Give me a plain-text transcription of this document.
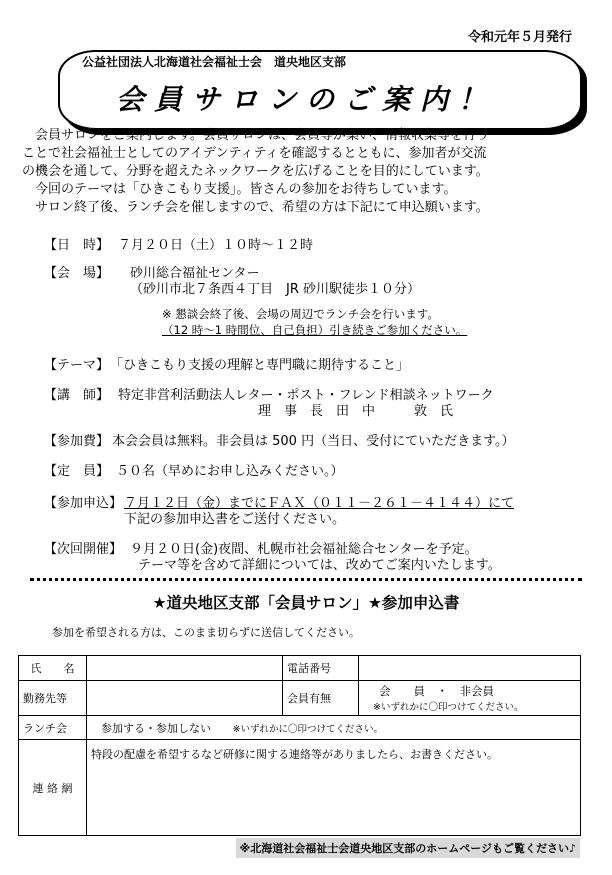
令和元年５月発行
公益社団法人北海道社会福祉士会　道央地区支部
会員サロンのご案内！

　会員サロンをご案内します。会員サロンは、会員等が集い、情報収集等を行う

ことで社会福祉士としてのアイデンティティを確認するとともに、参加者が交流

の機会を通して、分野を超えたネックワークを広げることを目的にしています。

　今回のテーマは「ひきこもり支援」。皆さんの参加をお待ちしています。

　サロン終了後、ランチ会を催しますので、希望の方は下記にて申込願います。

【日　時】 ７月２０日（土）１０時～１２時
【会　場】 砂川総合福祉センター
（砂川市北７条西４丁目　JR 砂川駅徒歩１０分）
※ 懇談会終了後、会場の周辺でランチ会を行います。
（12 時～1 時間位、自己負担）引き続きご参加ください。
【テーマ】 「ひきこもり支援の理解と専門職に期待すること」
【講　師】 特定非営利活動法人レター・ポスト・フレンド相談ネットワーク
理　事　長　田　中　　　敦　氏
【参加費】 本会会員は無料。非会員は 500 円（当日、受付にていただきます。）
【定　員】 ５０名（早めにお申し込みください。）
【参加申込】 ７月１２日（金）までにＦＡＸ（０１１－２６１－４１４４）にて
下記の参加申込書をご送付ください。
【次回開催】 ９月２０日(金)夜間、札幌市社会福祉総合センターを予定。
テーマ等を含めて詳細については、改めてご案内いたします。
★道央地区支部「会員サロン」★参加申込書
参加を希望される方は、このまま切らずに送信してください。
氏　　名		電話番号	
勤務先等		会員有無	会　　員　・　非会員
※いずれかに〇印つけてください。

ランチ会	参加する・参加しない ※いずれかに〇印つけてください。		
連 絡 網	特段の配慮を希望するなど研修に関する連絡等がありましたら、お書きください。		
※北海道社会福祉士会道央地区支部のホームページもご覧ください♪
